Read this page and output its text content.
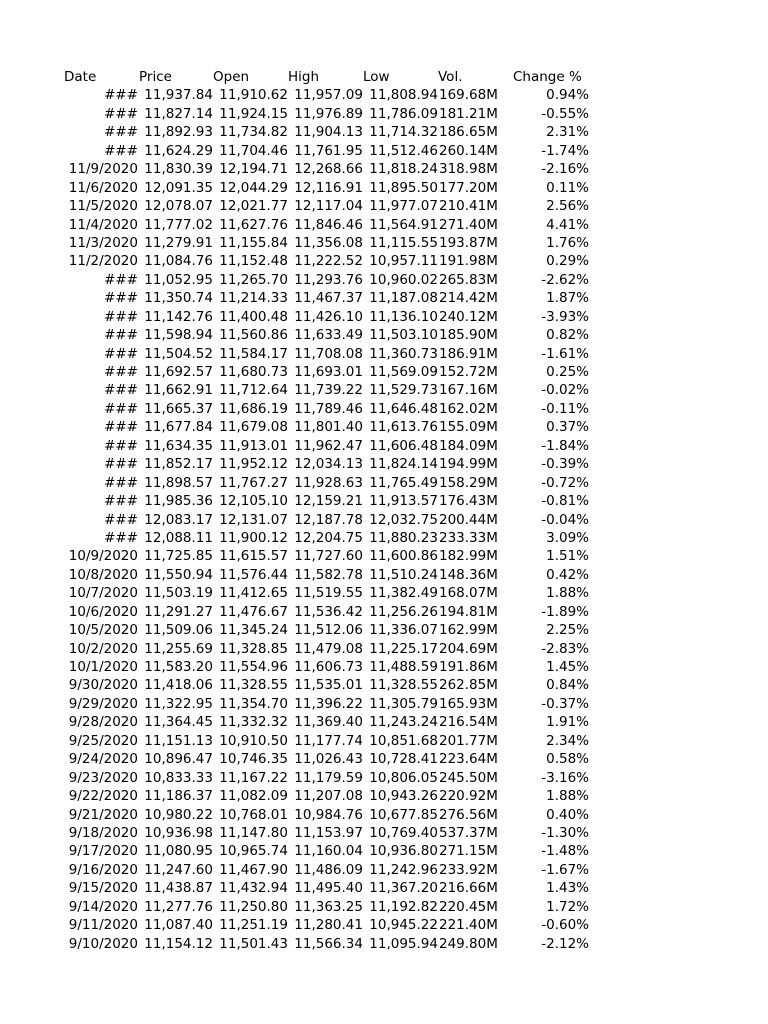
Date	Price	Open	High	Low	Vol.	Change %
### 11,937.84 11,910.62 11,957.09 11,808.94 169.68M	0.94%
### 11,827.14 11,924.15 11,976.89 11,786.09 181.21M	-0.55%
### 11,892.93 11,734.82 11,904.13 11,714.32 186.65M	2.31%
### 11,624.29 11,704.46 11,761.95 11,512.46 260.14M	-1.74%
11/9/2020 11,830.39 12,194.71 12,268.66 11,818.24 318.98M	-2.16%
11/6/2020 12,091.35 12,044.29 12,116.91 11,895.50 177.20M	0.11%
11/5/2020 12,078.07 12,021.77 12,117.04 11,977.07 210.41M	2.56%
11/4/2020 11,777.02 11,627.76 11,846.46 11,564.91 271.40M	4.41%
11/3/2020 11,279.91 11,155.84 11,356.08 11,115.55 193.87M	1.76%
11/2/2020 11,084.76 11,152.48 11,222.52 10,957.11 191.98M	0.29%
### 11,052.95 11,265.70 11,293.76 10,960.02 265.83M	-2.62%
### 11,350.74 11,214.33 11,467.37 11,187.08 214.42M	1.87%
### 11,142.76 11,400.48 11,426.10 11,136.10 240.12M	-3.93%
### 11,598.94 11,560.86 11,633.49 11,503.10 185.90M	0.82%
### 11,504.52 11,584.17 11,708.08 11,360.73 186.91M	-1.61%
### 11,692.57 11,680.73 11,693.01 11,569.09 152.72M	0.25%
### 11,662.91 11,712.64 11,739.22 11,529.73 167.16M	-0.02%
### 11,665.37 11,686.19 11,789.46 11,646.48 162.02M	-0.11%
### 11,677.84 11,679.08 11,801.40 11,613.76 155.09M	0.37%
### 11,634.35 11,913.01 11,962.47 11,606.48 184.09M	-1.84%
### 11,852.17 11,952.12 12,034.13 11,824.14 194.99M	-0.39%
### 11,898.57 11,767.27 11,928.63 11,765.49 158.29M	-0.72%
### 11,985.36 12,105.10 12,159.21 11,913.57 176.43M	-0.81%
### 12,083.17 12,131.07 12,187.78 12,032.75 200.44M	-0.04%
### 12,088.11 11,900.12 12,204.75 11,880.23 233.33M	3.09%
10/9/2020 11,725.85 11,615.57 11,727.60 11,600.86 182.99M	1.51%
10/8/2020 11,550.94 11,576.44 11,582.78 11,510.24 148.36M	0.42%
10/7/2020 11,503.19 11,412.65 11,519.55 11,382.49 168.07M	1.88%
10/6/2020 11,291.27 11,476.67 11,536.42 11,256.26 194.81M	-1.89%
10/5/2020 11,509.06 11,345.24 11,512.06 11,336.07 162.99M	2.25%
10/2/2020 11,255.69 11,328.85 11,479.08 11,225.17 204.69M	-2.83%
10/1/2020 11,583.20 11,554.96 11,606.73 11,488.59 191.86M	1.45%
9/30/2020 11,418.06 11,328.55 11,535.01 11,328.55 262.85M	0.84%
9/29/2020 11,322.95 11,354.70 11,396.22 11,305.79 165.93M	-0.37%
9/28/2020 11,364.45 11,332.32 11,369.40 11,243.24 216.54M	1.91%
9/25/2020 11,151.13 10,910.50 11,177.74 10,851.68 201.77M	2.34%
9/24/2020 10,896.47 10,746.35 11,026.43 10,728.41 223.64M	0.58%
9/23/2020 10,833.33 11,167.22 11,179.59 10,806.05 245.50M	-3.16%
9/22/2020 11,186.37 11,082.09 11,207.08 10,943.26 220.92M	1.88%
9/21/2020 10,980.22 10,768.01 10,984.76 10,677.85 276.56M	0.40%
9/18/2020 10,936.98 11,147.80 11,153.97 10,769.40 537.37M	-1.30%
9/17/2020 11,080.95 10,965.74 11,160.04 10,936.80 271.15M	-1.48%
9/16/2020 11,247.60 11,467.90 11,486.09 11,242.96 233.92M	-1.67%
9/15/2020 11,438.87 11,432.94 11,495.40 11,367.20 216.66M	1.43%
9/14/2020 11,277.76 11,250.80 11,363.25 11,192.82 220.45M	1.72%
9/11/2020 11,087.40 11,251.19 11,280.41 10,945.22 221.40M	-0.60%
9/10/2020 11,154.12 11,501.43 11,566.34 11,095.94 249.80M	-2.12%
